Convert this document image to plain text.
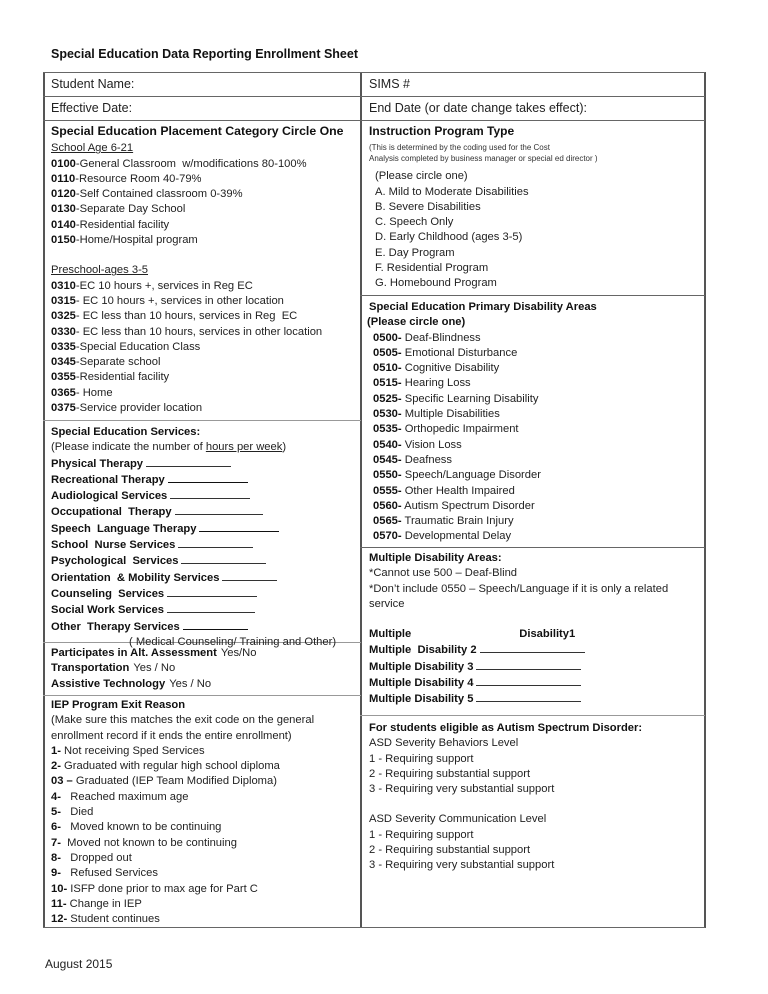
Special Education Data Reporting Enrollment Sheet
Student Name:	SIMS #
Effective Date:	End Date (or date change takes effect):
Special Education Placement Category Circle One
School Age 6-21
0100-General Classroom  w/modifications 80-100%
0110-Resource Room 40-79%
0120-Self Contained classroom 0-39%
0130-Separate Day School
0140-Residential facility
0150-Home/Hospital program
Preschool-ages 3-5
0310-EC 10 hours +, services in Reg EC
0315- EC 10 hours +, services in other location
0325- EC less than 10 hours, services in Reg  EC
0330- EC less than 10 hours, services in other location
0335-Special Education Class
0345-Separate school
0355-Residential facility
0365- Home
0375-Service provider location
Special Education Services:
(Please indicate the number of hours per week)
Physical Therapy
Recreational Therapy
Audiological Services
Occupational  Therapy
Speech  Language Therapy
School  Nurse Services
Psychological  Services
Orientation  & Mobility Services
Counseling  Services
Social Work Services
Other  Therapy Services
( Medical Counseling/ Training and Other)
Participates in Alt. Assessment Yes/No
Transportation Yes / No
Assistive Technology Yes / No
IEP Program Exit Reason
(Make sure this matches the exit code on the general enrollment record if it ends the entire enrollment)
1- Not receiving Sped Services
2- Graduated with regular high school diploma
03 – Graduated (IEP Team Modified Diploma)
4-   Reached maximum age
5-   Died
6-   Moved known to be continuing
7-  Moved not known to be continuing
8-   Dropped out
9-   Refused Services
10- ISFP done prior to max age for Part C
11- Change in IEP
12- Student continues
Instruction Program Type
(This is determined by the coding used for the Cost
Analysis completed by business manager or special ed director )
(Please circle one)
A. Mild to Moderate Disabilities
B. Severe Disabilities
C. Speech Only
D. Early Childhood (ages 3-5)
E. Day Program
F. Residential Program
G. Homebound Program
Special Education Primary Disability Areas
(Please circle one)
0500- Deaf-Blindness
0505- Emotional Disturbance
0510- Cognitive Disability
0515- Hearing Loss
0525- Specific Learning Disability
0530- Multiple Disabilities
0535- Orthopedic Impairment
0540- Vision Loss
0545- Deafness
0550- Speech/Language Disorder
0555- Other Health Impaired
0560- Autism Spectrum Disorder
0565- Traumatic Brain Injury
0570- Developmental Delay
Multiple Disability Areas:
*Cannot use 500 – Deaf-Blind
*Don’t include 0550 – Speech/Language if it is only a related service
Multiple	Disability1
Multiple  Disability 2
Multiple Disability 3
Multiple Disability 4
Multiple Disability 5
For students eligible as Autism Spectrum Disorder:
ASD Severity Behaviors Level
1 - Requiring support
2 - Requiring substantial support
3 - Requiring very substantial support
ASD Severity Communication Level
1 - Requiring support
2 - Requiring substantial support
3 - Requiring very substantial support
August 2015
